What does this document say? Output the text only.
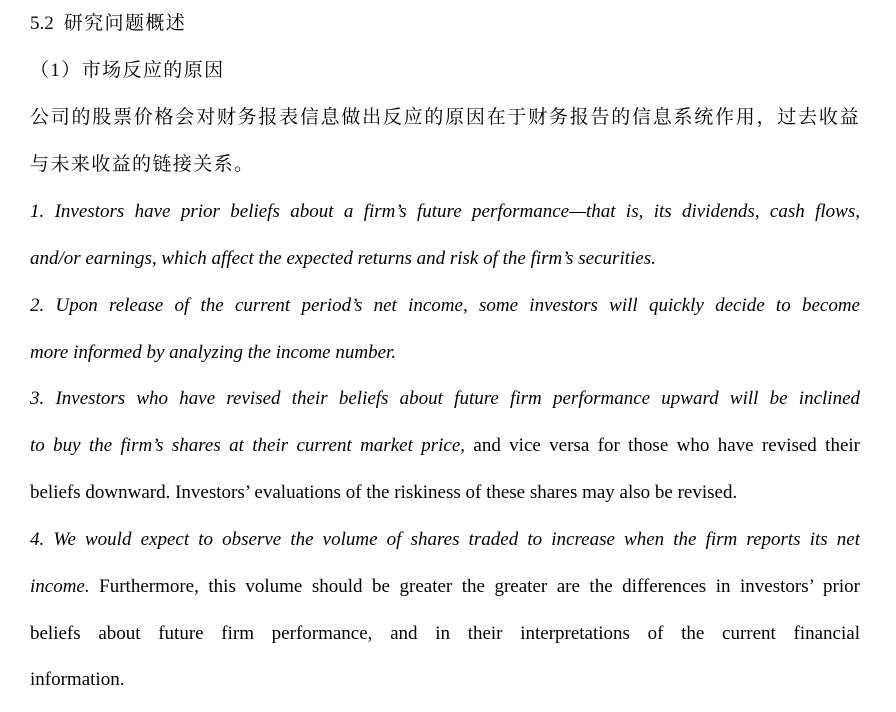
5.2 研究问题概述
（1）市场反应的原因
公司的股票价格会对财务报表信息做出反应的原因在于财务报告的信息系统作用，过去收益
与未来收益的链接关系。
1. Investors have prior beliefs about a firm’s future performance—that is, its dividends, cash flows,
and/or earnings, which affect the expected returns and risk of the firm’s securities.
2. Upon release of the current period’s net income, some investors will quickly decide to become
more informed by analyzing the income number.
3. Investors who have revised their beliefs about future firm performance upward will be inclined
to buy the firm’s shares at their current market price, and vice versa for those who have revised their
beliefs downward. Investors’ evaluations of the riskiness of these shares may also be revised.
4. We would expect to observe the volume of shares traded to increase when the firm reports its net
income. Furthermore, this volume should be greater the greater are the differences in investors’ prior
beliefs about future firm performance, and in their interpretations of the current financial
information.
